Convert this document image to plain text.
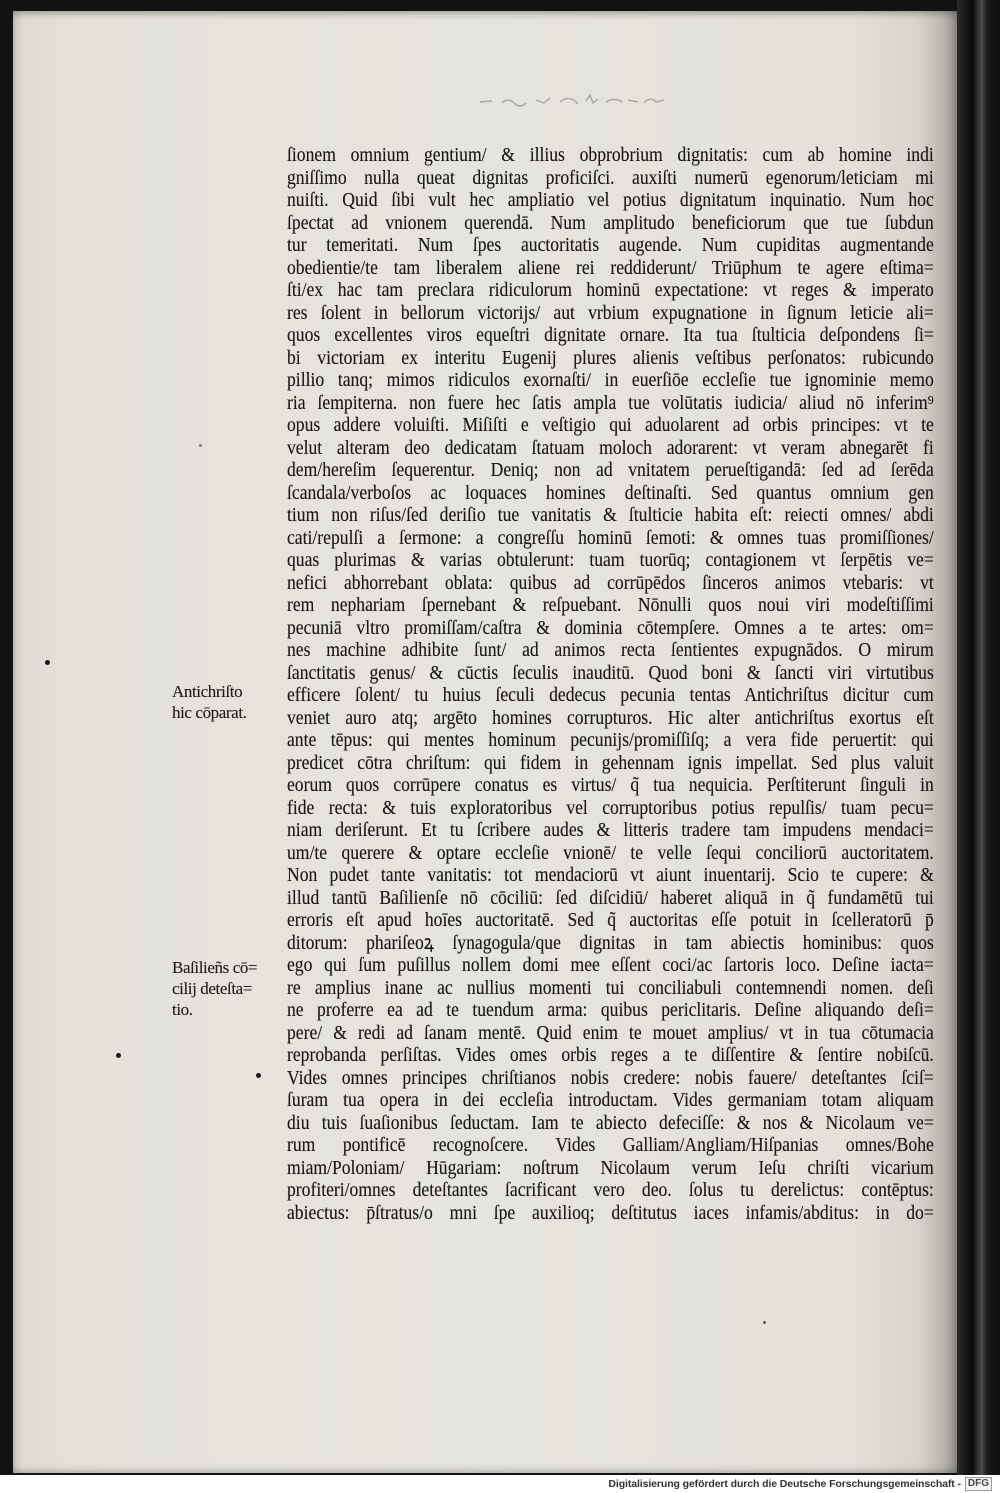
ſionem omnium gentium/ & illius obprobrium dignitatis: cum ab homine indi
gniſſimo nulla queat dignitas proficiſci. auxiſti numerū egenorum/leticiam mi
nuiſti. Quid ſibi vult hec ampliatio vel potius dignitatum inquinatio. Num hoc
ſpectat ad vnionem querendā. Num amplitudo beneficiorum que tue ſubdun
tur temeritati. Num ſpes auctoritatis augende. Num cupiditas augmentande
obedientie/te tam liberalem aliene rei reddiderunt/ Triūphum te agere eſtima=
ſti/ex hac tam preclara ridiculorum hominū expectatione: vt reges & imperato
res ſolent in bellorum victorijs/ aut vrbium expugnatione in ſignum leticie ali=
quos excellentes viros equeſtri dignitate ornare. Ita tua ſtulticia deſpondens ſi=
bi victoriam ex interitu Eugenij plures alienis veſtibus perſonatos: rubicundo
pillio tanq; mimos ridiculos exornaſti/ in euerſiōe eccleſie tue ignominie memo
ria ſempiterna. non fuere hec ſatis ampla tue volūtatis iudicia/ aliud nō inferim⁹
opus addere voluiſti. Miſiſti e veſtigio qui aduolarent ad orbis principes: vt te
velut alteram deo dedicatam ſtatuam moloch adorarent: vt veram abnegarēt fi
dem/hereſim ſequerentur. Deniq; non ad vnitatem perueſtigandā: ſed ad ſerēda
ſcandala/verboſos ac loquaces homines deſtinaſti. Sed quantus omnium gen
tium non riſus/ſed deriſio tue vanitatis & ſtulticie habita eſt: reiecti omnes/ abdi
cati/repulſi a ſermone: a congreſſu hominū ſemoti: & omnes tuas promiſſiones/
quas plurimas & varias obtulerunt: tuam tuorūq; contagionem vt ſerpētis ve=
nefici abhorrebant oblata: quibus ad corrūpēdos ſinceros animos vtebaris: vt
rem nephariam ſpernebant & reſpuebant. Nōnulli quos noui viri modeſtiſſimi
pecuniā vltro promiſſam/caſtra & dominia cōtempſere. Omnes a te artes: om=
nes machine adhibite ſunt/ ad animos recta ſentientes expugnādos. O mirum
ſanctitatis genus/ & cūctis ſeculis inauditū. Quod boni & ſancti viri virtutibus
efficere ſolent/ tu huius ſeculi dedecus pecunia tentas Antichriſtus dicitur cum
veniet auro atq; argēto homines corrupturos. Hic alter antichriſtus exortus eſt
ante tēpus: qui mentes hominum pecunijs/promiſſiſq; a vera fide peruertit: qui
predicet cōtra chriſtum: qui fidem in gehennam ignis impellat. Sed plus valuit
eorum quos corrūpere conatus es virtus/ q̃ tua nequicia. Perſtiterunt ſinguli in
fide recta: & tuis exploratoribus vel corruptoribus potius repulſis/ tuam pecu=
niam deriſerunt. Et tu ſcribere audes & litteris tradere tam impudens mendaci=
um/te querere & optare eccleſie vnionē/ te velle ſequi conciliorū auctoritatem.
Non pudet tante vanitatis: tot mendaciorū vt aiunt inuentarij. Scio te cupere: &
illud tantū Baſilienſe nō cōciliū: ſed diſcidiū/ haberet aliquā in q̃ fundamētū tui
erroris eſt apud hoīes auctoritatē. Sed q̃ auctoritas eſſe potuit in ſcelleratorū p̄
ditorum: phariſeoꝝ ſynagogula/que dignitas in tam abiectis hominibus: quos
ego qui ſum puſillus nollem domi mee eſſent coci/ac ſartoris loco. Deſine iacta=
re amplius inane ac nullius momenti tui conciliabuli contemnendi nomen. deſi
ne proferre ea ad te tuendum arma: quibus periclitaris. Deſine aliquando deſi=
pere/ & redi ad ſanam mentē. Quid enim te mouet amplius/ vt in tua cōtumacia
reprobanda perſiſtas. Vides omes orbis reges a te diſſentire & ſentire nobiſcū.
Vides omnes principes chriſtianos nobis credere: nobis fauere/ deteſtantes ſciſ=
ſuram tua opera in dei eccleſia introductam. Vides germaniam totam aliquam
diu tuis ſuaſionibus ſeductam. Iam te abiecto defeciſſe: & nos & Nicolaum ve=
rum pontificē recognoſcere. Vides Galliam/Angliam/Hiſpanias omnes/Bohe
miam/Poloniam/ Hūgariam: noſtrum Nicolaum verum Ieſu chriſti vicarium
profiteri/omnes deteſtantes ſacrificant vero deo. ſolus tu derelictus: contēptus:
abiectus: p̄ſtratus/o mni ſpe auxilioq; deſtitutus iaces infamis/abditus: in do=
Antichriſto
hic cōparat.
Baſilieñs cō=
cilij deteſta=
tio.
Digitalisierung gefördert durch die Deutsche Forschungsgemeinschaft - DFG
